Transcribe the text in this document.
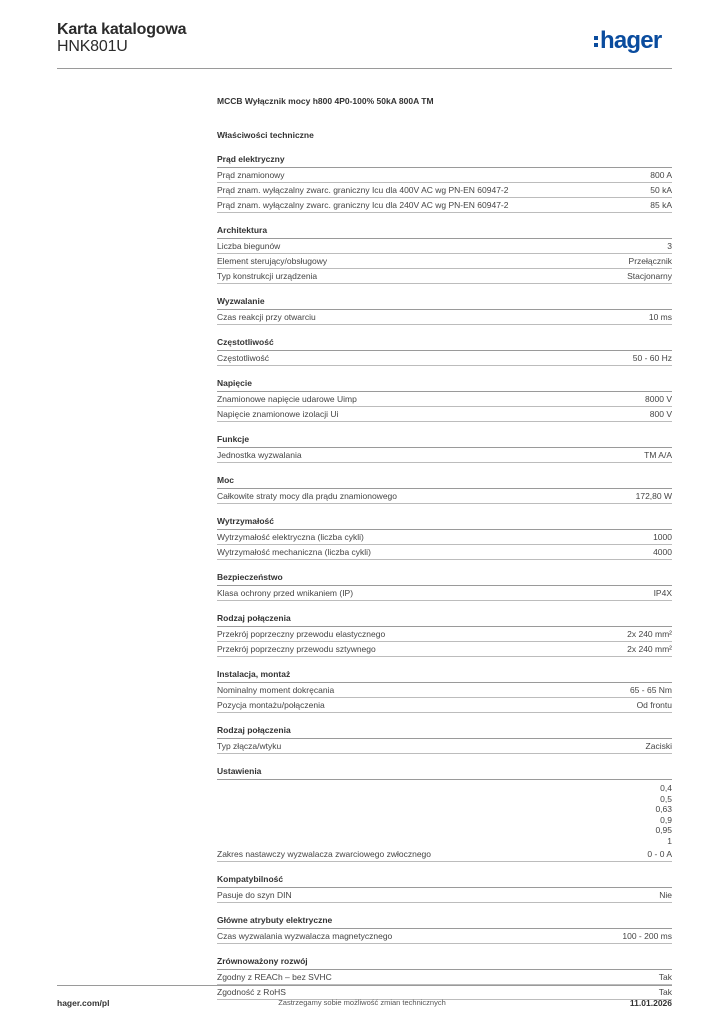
Karta katalogowa
HNK801U	hager
MCCB Wyłącznik mocy h800 4P0-100% 50kA 800A TM
Właściwości techniczne
Prąd elektryczny
Prąd znamionowy	800 A
Prąd znam. wyłączalny zwarc. graniczny Icu dla 400V AC wg PN-EN 60947-2	50 kA
Prąd znam. wyłączalny zwarc. graniczny Icu dla 240V AC wg PN-EN 60947-2	85 kA
Architektura
Liczba biegunów	3
Element sterujący/obsługowy	Przełącznik
Typ konstrukcji urządzenia	Stacjonarny
Wyzwalanie
Czas reakcji przy otwarciu	10 ms
Częstotliwość
Częstotliwość	50 - 60 Hz
Napięcie
Znamionowe napięcie udarowe Uimp	8000 V
Napięcie znamionowe izolacji Ui	800 V
Funkcje
Jednostka wyzwalania	TM A/A
Moc
Całkowite straty mocy dla prądu znamionowego	172,80 W
Wytrzymałość
Wytrzymałość elektryczna (liczba cykli)	1000
Wytrzymałość mechaniczna (liczba cykli)	4000
Bezpieczeństwo
Klasa ochrony przed wnikaniem (IP)	IP4X
Rodzaj połączenia
Przekrój poprzeczny przewodu elastycznego	2x 240 mm²
Przekrój poprzeczny przewodu sztywnego	2x 240 mm²
Instalacja, montaż
Nominalny moment dokręcania	65 - 65 Nm
Pozycja montażu/połączenia	Od frontu
Rodzaj połączenia
Typ złącza/wtyku	Zaciski
Ustawienia
0,4
0,5
0,63
0,9
0,95
1
Zakres nastawczy wyzwalacza zwarciowego zwłocznego	0 - 0 A
Kompatybilność
Pasuje do szyn DIN	Nie
Główne atrybuty elektryczne
Czas wyzwalania wyzwalacza magnetycznego	100 - 200 ms
Zrównoważony rozwój
Zgodny z REACh – bez SVHC	Tak
Zgodność z RoHS	Tak
hager.com/pl	Zastrzegamy sobie możliwość zmian technicznych	11.01.2026
